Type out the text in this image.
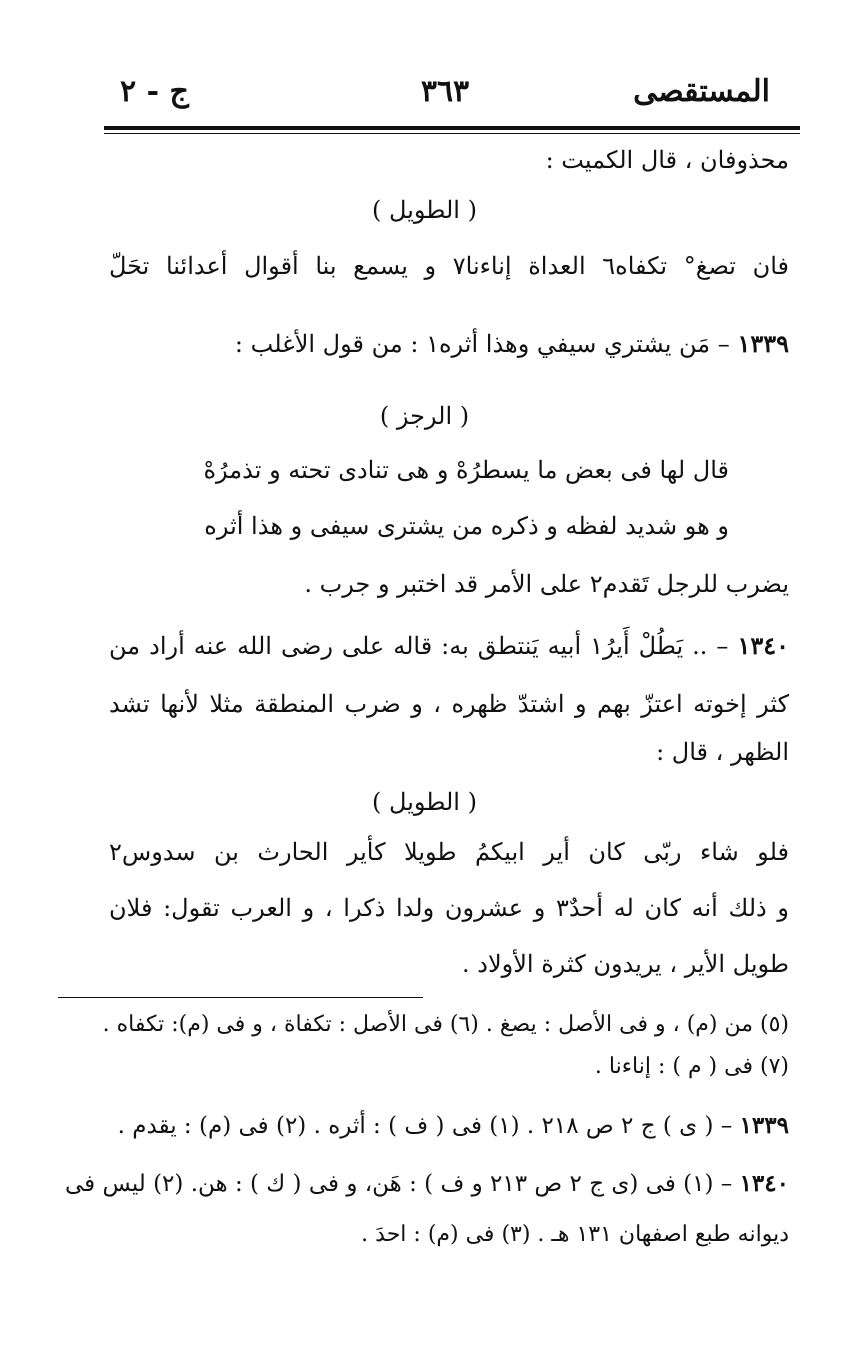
المستقصى
٣٦٣
ج - ٢
محذوفان ، قال الكميت :
( الطويل )
فان تصغ° تكفاه٦ العداة إناءنا٧ و يسمع بنا أقوال أعدائنا تحَلّ
١٣٣٩ – مَن يشتري سيفي وهذا أثره١ : من قول الأغلب :
( الرجز )
قال لها فى بعض ما يسطرُهْ و هى تنادى تحته و تذمرُهْ
و هو شديد لفظه و ذكره من يشترى سيفى و هذا أثره
يضرب للرجل تَقدم٢ على الأمر قد اختبر و جرب .
١٣٤٠ – .. يَطُلْ أَيرُ١ أبيه يَنتطق به: قاله على رضى الله عنه أراد من
كثر إخوته اعتزّ بهم و اشتدّ ظهره ، و ضرب المنطقة مثلا لأنها تشد
الظهر ، قال :
( الطويل )
فلو شاء ربّى كان أير ابيكمُ طويلا كأير الحارث بن سدوس٢
و ذلك أنه كان له أحدٌ٣ و عشرون ولدا ذكرا ، و العرب تقول: فلان
طويل الأير ، يريدون كثرة الأولاد .
(٥) من (م) ، و فى الأصل : يصغ . (٦) فى الأصل : تكفاة ، و فى (م): تكفاه .
(٧) فى ( م ) : إناءنا .
١٣٣٩ – ( ى ) ج ٢ ص ٢١٨ . (١) فى ( ف ) : أثره . (٢) فى (م) : يقدم .
١٣٤٠ – (١) فى (ى ج ٢ ص ٢١٣ و ف ) : هَن، و فى ( ك ) : هن. (٢) ليس فى
ديوانه طبع اصفهان ١٣١ هـ . (٣) فى (م) : احدَ .
